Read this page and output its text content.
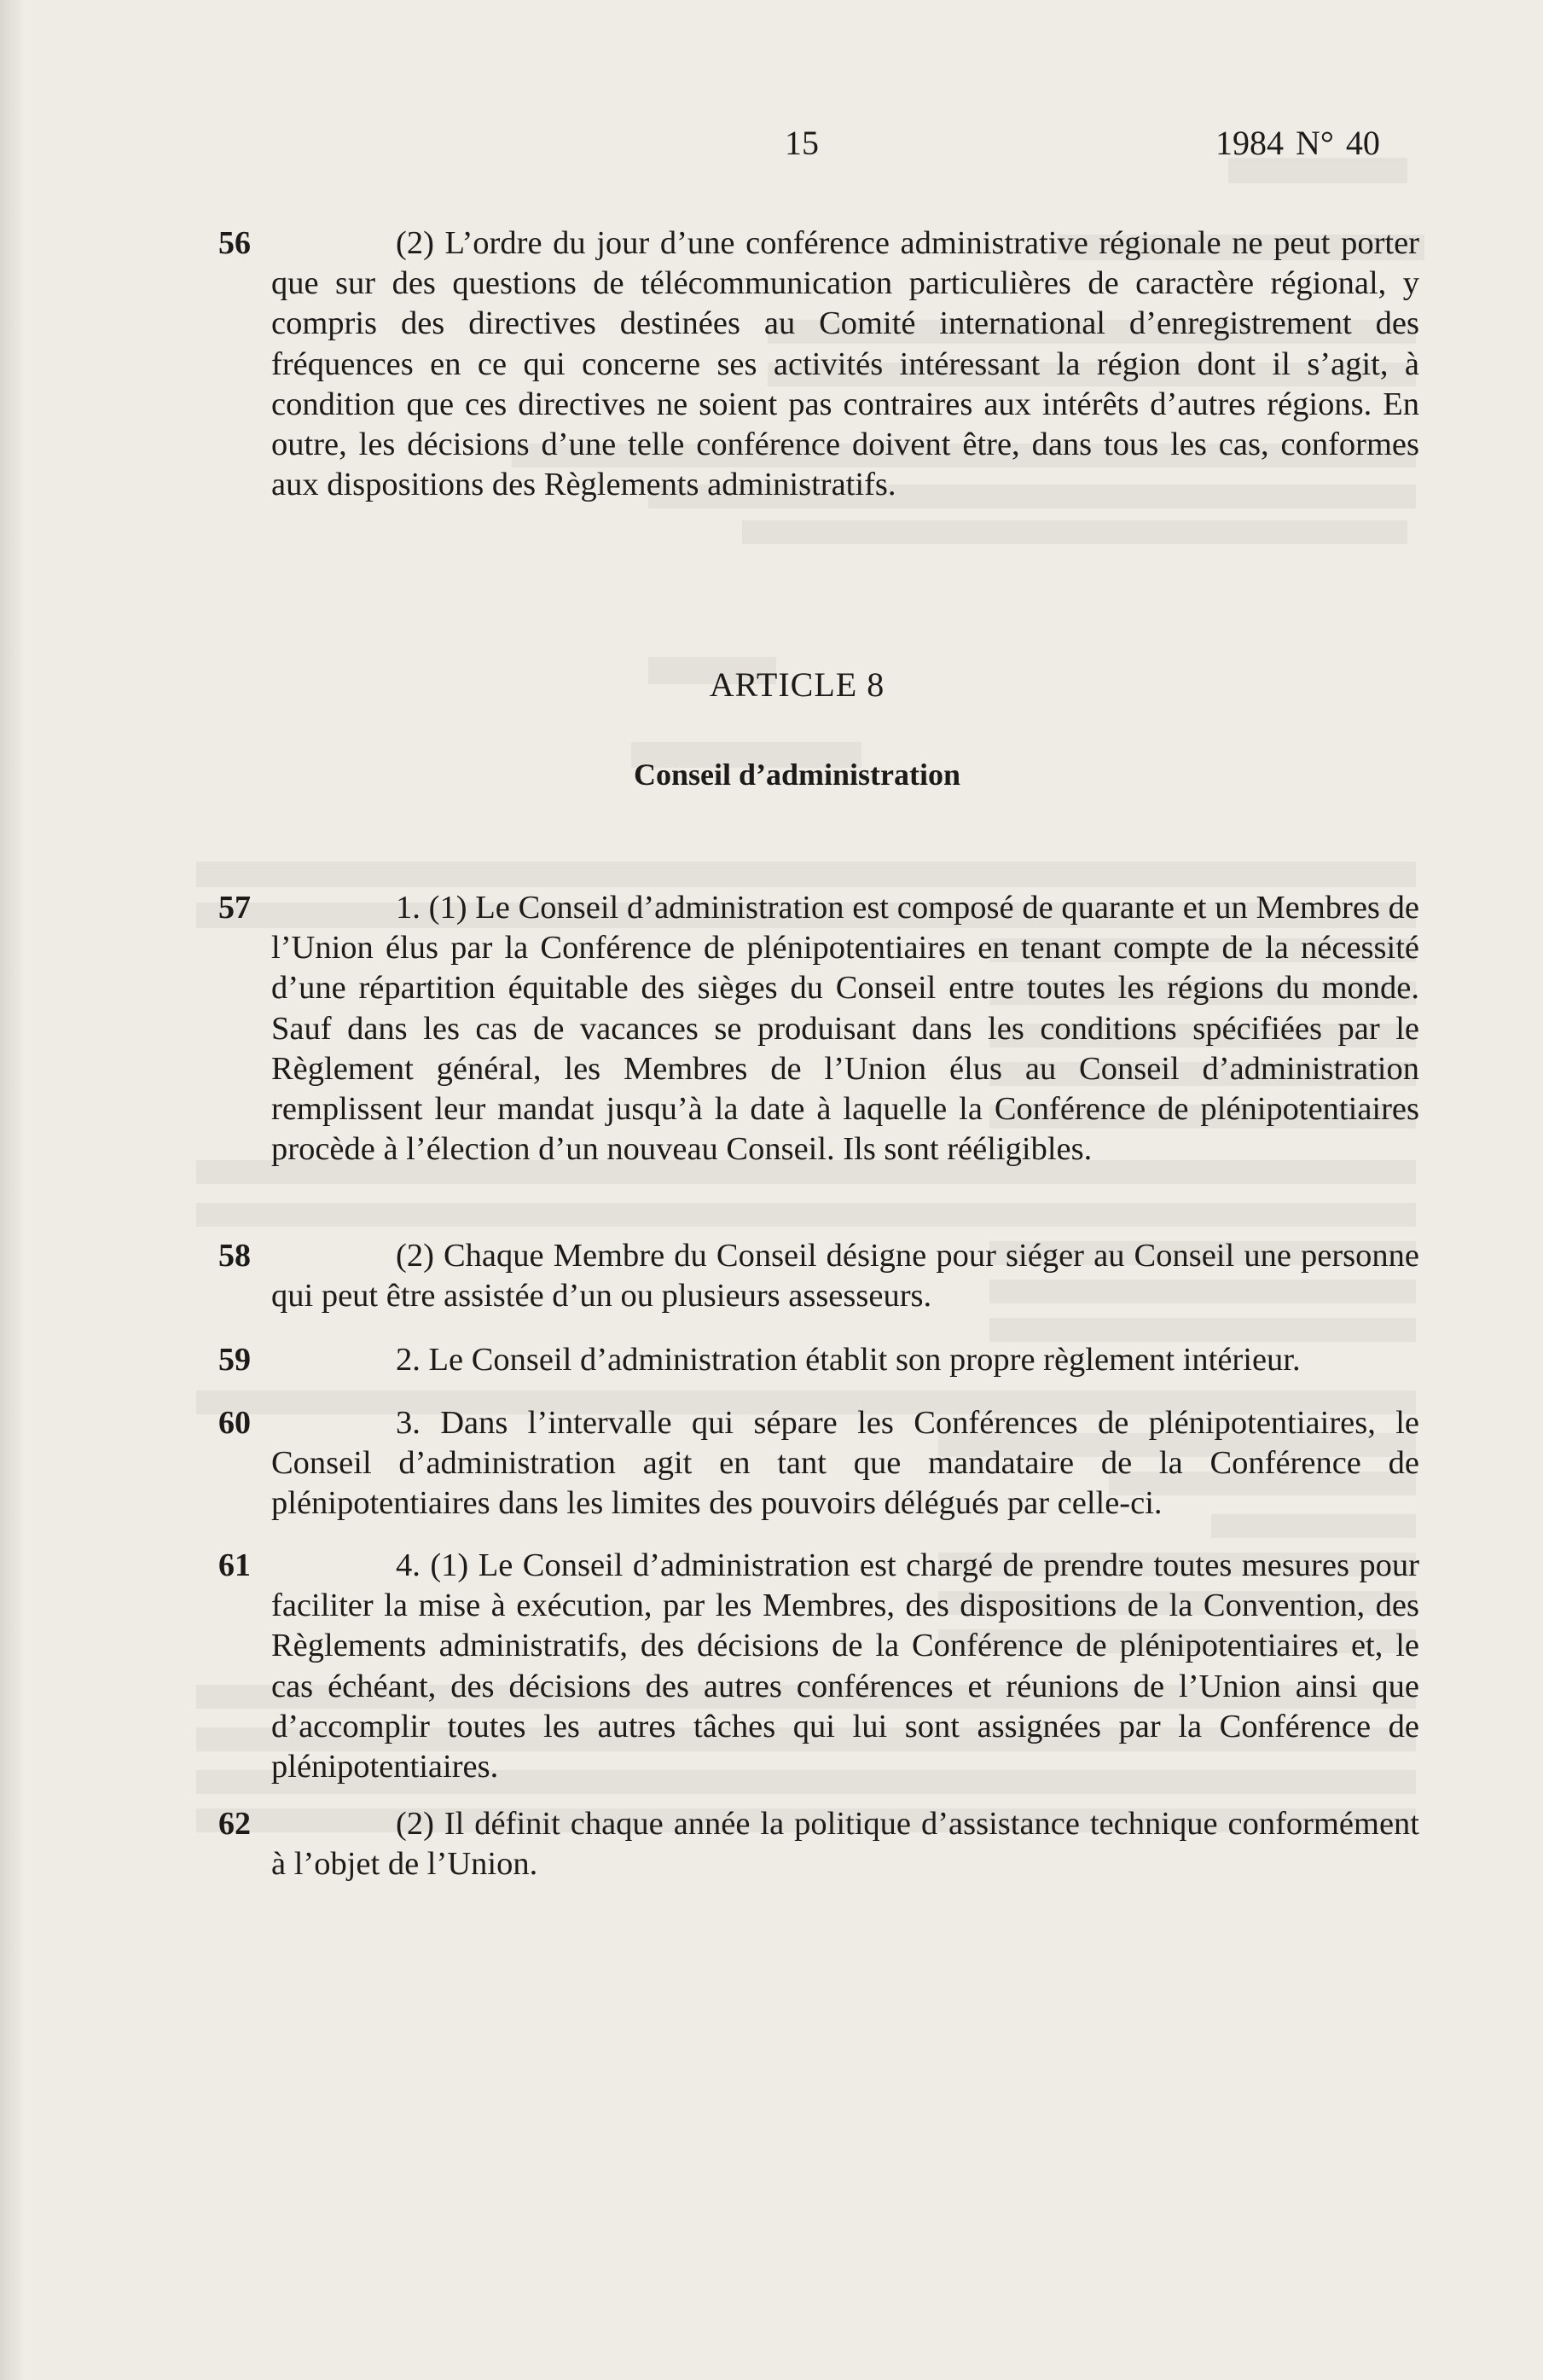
15	1984 N° 40
56	(2) L’ordre du jour d’une conférence administrative régionale ne peut porter que sur des questions de télécommunication particulières de caractère régional, y compris des directives destinées au Comité international d’enregistrement des fréquences en ce qui concerne ses activités intéressant la région dont il s’agit, à condition que ces directives ne soient pas contraires aux intérêts d’autres régions. En outre, les décisions d’une telle conférence doivent être, dans tous les cas, conformes aux dispositions des Règlements administratifs.

ARTICLE 8
Conseil d’administration
57	1. (1) Le Conseil d’administration est composé de quarante et un Membres de l’Union élus par la Conférence de plénipotentiaires en tenant compte de la nécessité d’une répartition équitable des sièges du Conseil entre toutes les régions du monde. Sauf dans les cas de vacances se produisant dans les conditions spécifiées par le Règlement général, les Membres de l’Union élus au Conseil d’administration remplissent leur mandat jusqu’à la date à laquelle la Conférence de plénipotentiaires procède à l’élection d’un nouveau Conseil. Ils sont rééligibles.

58	(2) Chaque Membre du Conseil désigne pour siéger au Conseil une personne qui peut être assistée d’un ou plusieurs assesseurs.

59	2. Le Conseil d’administration établit son propre règlement intérieur.

60	3. Dans l’intervalle qui sépare les Conférences de plénipotentiaires, le Conseil d’administration agit en tant que mandataire de la Conférence de plénipotentiaires dans les limites des pouvoirs délégués par celle-ci.

61	4. (1) Le Conseil d’administration est chargé de prendre toutes mesures pour faciliter la mise à exécution, par les Membres, des dispositions de la Convention, des Règlements administratifs, des décisions de la Conférence de plénipotentiaires et, le cas échéant, des décisions des autres conférences et réunions de l’Union ainsi que d’accomplir toutes les autres tâches qui lui sont assignées par la Conférence de plénipotentiaires.

62	(2) Il définit chaque année la politique d’assistance technique conformément à l’objet de l’Union.
